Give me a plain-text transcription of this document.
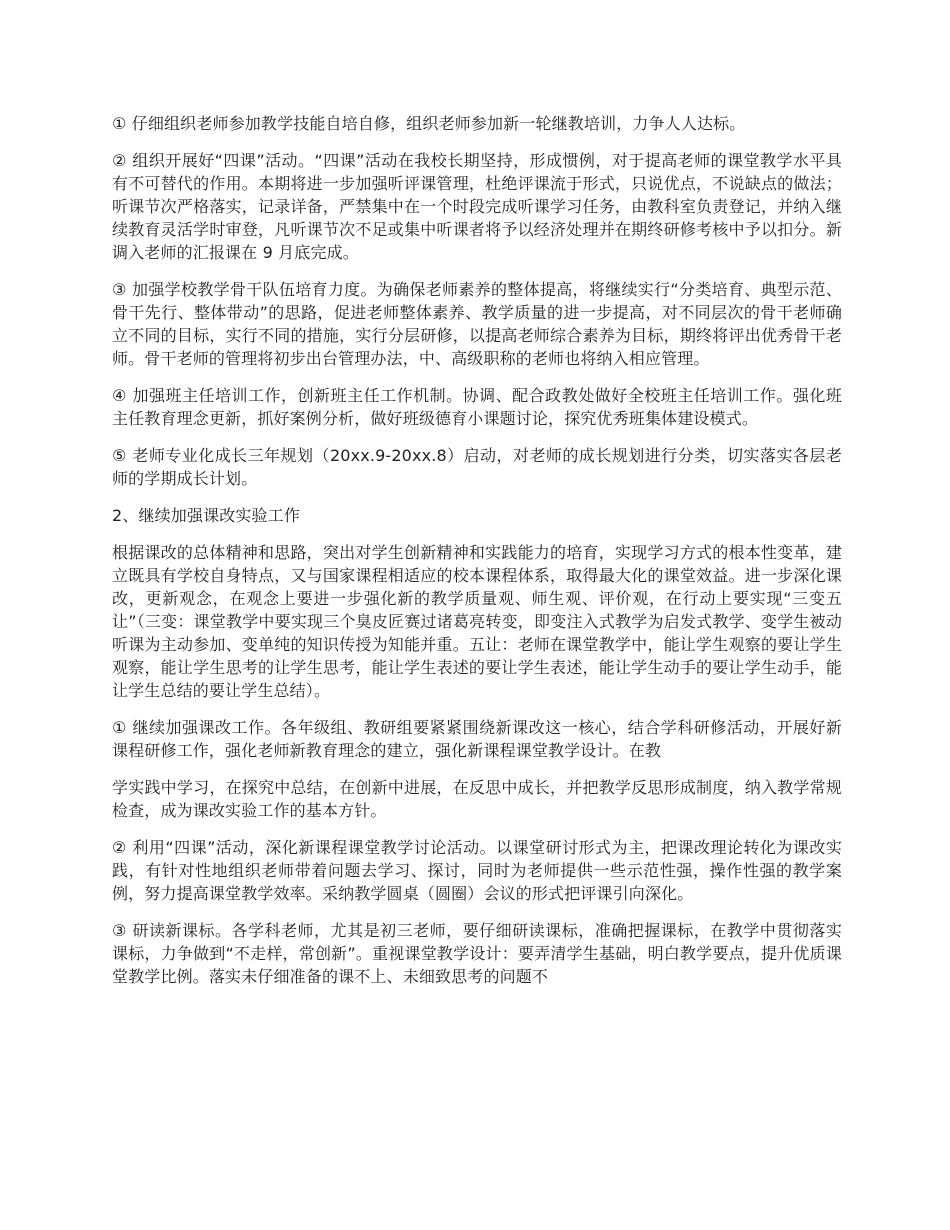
① 仔细组织老师参加教学技能自培自修，组织老师参加新一轮继教培训，力争人人达标。

② 组织开展好“四课”活动。“四课”活动在我校长期坚持，形成惯例，对于提高老师的课堂教学水平具有不可替代的作用。本期将进一步加强听评课管理，杜绝评课流于形式，只说优点，不说缺点的做法；听课节次严格落实，记录详备，严禁集中在一个时段完成听课学习任务，由教科室负责登记，并纳入继续教育灵活学时审登，凡听课节次不足或集中听课者将予以经济处理并在期终研修考核中予以扣分。新调入老师的汇报课在 9 月底完成。

③ 加强学校教学骨干队伍培育力度。为确保老师素养的整体提高，将继续实行“分类培育、典型示范、骨干先行、整体带动”的思路，促进老师整体素养、教学质量的进一步提高，对不同层次的骨干老师确立不同的目标，实行不同的措施，实行分层研修，以提高老师综合素养为目标，期终将评出优秀骨干老师。骨干老师的管理将初步出台管理办法，中、高级职称的老师也将纳入相应管理。

④ 加强班主任培训工作，创新班主任工作机制。协调、配合政教处做好全校班主任培训工作。强化班主任教育理念更新，抓好案例分析，做好班级德育小课题讨论，探究优秀班集体建设模式。

⑤ 老师专业化成长三年规划（20xx.9-20xx.8）启动，对老师的成长规划进行分类，切实落实各层老师的学期成长计划。

2、继续加强课改实验工作

根据课改的总体精神和思路，突出对学生创新精神和实践能力的培育，实现学习方式的根本性变革，建立既具有学校自身特点，又与国家课程相适应的校本课程体系，取得最大化的课堂效益。进一步深化课改，更新观念，在观念上要进一步强化新的教学质量观、师生观、评价观，在行动上要实现“三变五让”（三变：课堂教学中要实现三个臭皮匠赛过诸葛亮转变，即变注入式教学为启发式教学、变学生被动听课为主动参加、变单纯的知识传授为知能并重。五让：老师在课堂教学中，能让学生观察的要让学生观察，能让学生思考的让学生思考，能让学生表述的要让学生表述，能让学生动手的要让学生动手，能让学生总结的要让学生总结）。

① 继续加强课改工作。各年级组、教研组要紧紧围绕新课改这一核心，结合学科研修活动，开展好新课程研修工作，强化老师新教育理念的建立，强化新课程课堂教学设计。在教

学实践中学习，在探究中总结，在创新中进展，在反思中成长，并把教学反思形成制度，纳入教学常规检查，成为课改实验工作的基本方针。

② 利用“四课”活动，深化新课程课堂教学讨论活动。以课堂研讨形式为主，把课改理论转化为课改实践，有针对性地组织老师带着问题去学习、探讨，同时为老师提供一些示范性强，操作性强的教学案例，努力提高课堂教学效率。采纳教学圆桌（圆圈）会议的形式把评课引向深化。

③ 研读新课标。各学科老师，尤其是初三老师，要仔细研读课标，准确把握课标，在教学中贯彻落实课标，力争做到“不走样，常创新”。重视课堂教学设计：要弄清学生基础，明白教学要点，提升优质课堂教学比例。落实未仔细准备的课不上、未细致思考的问题不
